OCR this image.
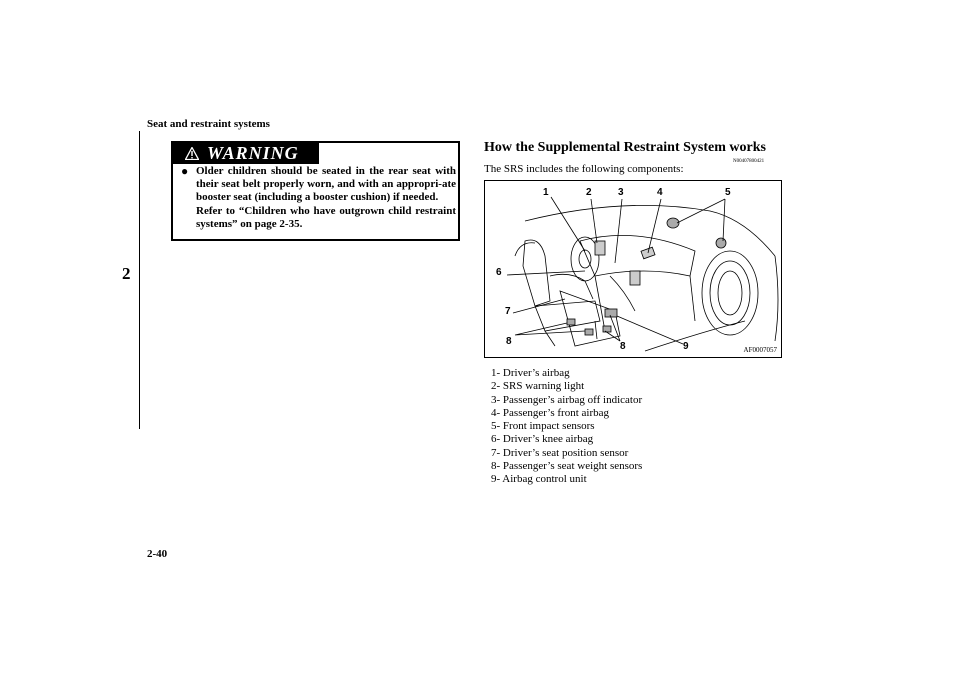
Seat and restraint systems
2
WARNING
● Older children should be seated in the rear seat with their seat belt properly worn, and with an appropri-ate booster seat (including a booster cushion) if needed.
Refer to “Children who have outgrown child restraint systems” on page 2-35.
How the Supplemental Restraint System works
N00407800421
The SRS includes the following components:
1	2	3	4	5
6
7
8	8	9	AF0007057
1- Driver’s airbag
2- SRS warning light
3- Passenger’s airbag off indicator
4- Passenger’s front airbag
5- Front impact sensors
6- Driver’s knee airbag
7- Driver’s seat position sensor
8- Passenger’s seat weight sensors
9- Airbag control unit
2-40
